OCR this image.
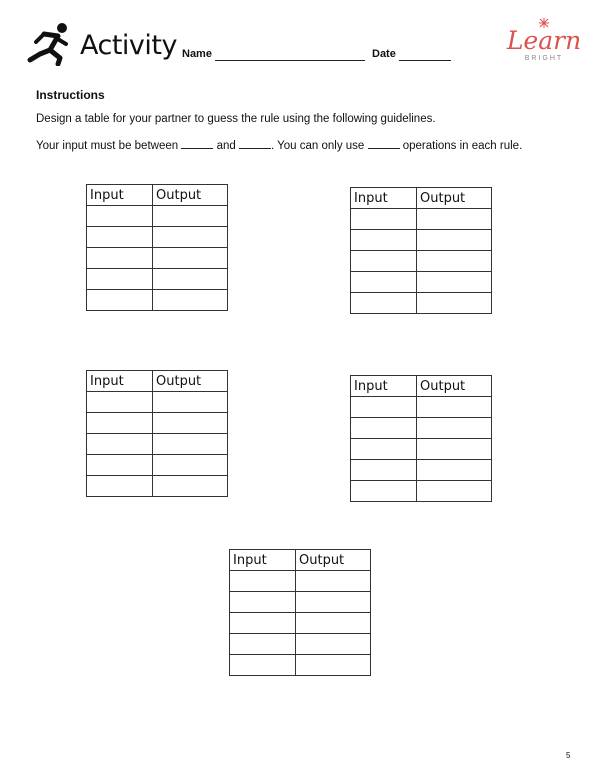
Activity Name	Date	Learn
BRIGHT
Instructions
Design a table for your partner to guess the rule using the following guidelines.
Your input must be between	and	. You can only use	operations in each rule.
Input	Output

		Input	Output

Input	Output

		Input	Output

Input	Output

5
